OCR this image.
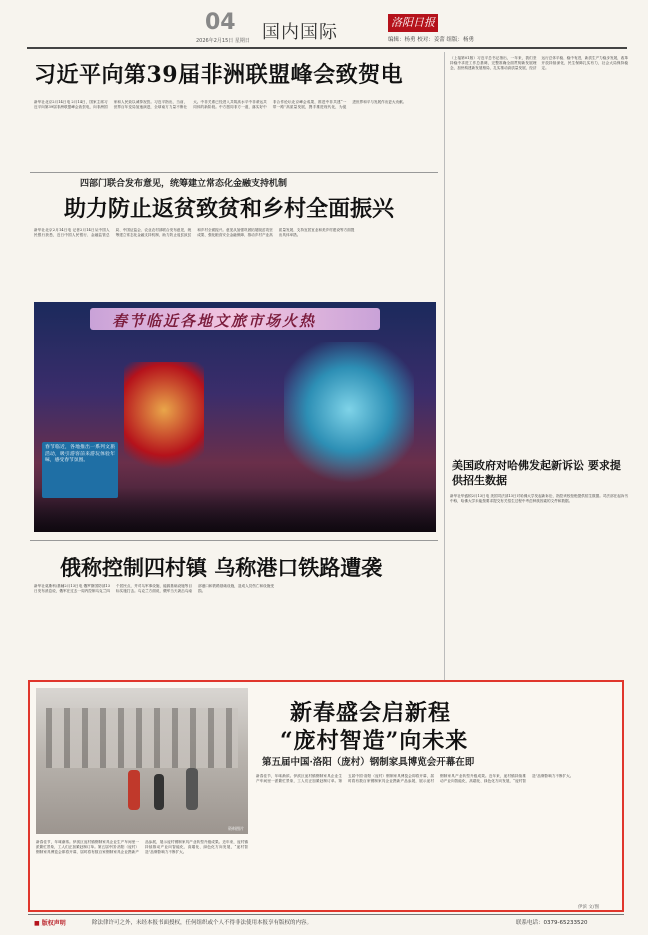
04
2026年2月15日 星期日 国内国际	洛阳日报
编辑：杨勇 校对：姜蕾 组版：杨勇
习近平向第39届非洲联盟峰会致贺电
新华社北京2月14日电 2月14日，国家主席习近平向第39届非洲联盟峰会致贺电，向非洲国家和人民致以诚挚祝贺。习近平指出，当前，世界百年变局加速演进，全球南方力量不断壮大。中非关系已经进入共筑高水平中非命运共同体的新阶段。中方愿同非方一道，落实好中非合作论坛北京峰会成果，推进中非共建“一带一路”高质量发展，携手推进现代化，为促进世界和平与发展作出更大贡献。
四部门联合发布意见，统筹建立常态化金融支持机制
助力防止返贫致贫和乡村全面振兴
新华社北京2月14日电 记者2月14日从中国人民银行获悉，近日中国人民银行、金融监管总局、中国证监会、农业农村部联合发布意见，统筹建立常态化金融支持机制，助力防止返贫致贫和乡村全面振兴。意见从加强巩固拓展脱贫攻坚成果、强化粮食安全金融保障、推动乡村产业高质量发展、支持宜居宜业和美乡村建设等方面提出具体举措。
春节临近各地文旅市场火热
春节临近，各地推出一系列文旅活动，吸引游客前来游玩体验年味，感受春节氛围。
俄称控制四村镇 乌称港口铁路遭袭
新华社莫斯科/基辅2月13日电 俄罗斯国防部13日发布消息说，俄军在过去一周内控制乌克兰四个居民点，并对乌军事设施、能源基础设施等目标实施打击。乌克兰方面说，俄军当天袭击乌南部港口和铁路基础设施，造成人员伤亡和设施受损。
（上接第01版）习近平总书记指出，一年来，我们坚持稳中求进工作总基调，完整准确全面贯彻新发展理念，加快构建新发展格局，扎实推动高质量发展，经济运行总体平稳、稳中有进，新质生产力稳步发展，改革开放持续深化，民生保障扎实有力，社会大局保持稳定。
美国政府对哈佛发起新诉讼 要求提供招生数据
新华社华盛顿2月13日电 美国司法部13日对哈佛大学发起新诉讼，指控该校拒绝提供招生数据。司法部在起诉书中称，哈佛大学未能按要求提交有关招生过程中考虑种族因素的文件和数据。
资料图片
新春盛会启新程
“庞村智造”向未来
第五届中国·洛阳（庞村）钢制家具博览会开幕在即
新春佳节，年味渐浓。伊滨区庞村镇钢制家具企业生产车间里一派繁忙景象，工人们正加紧赶制订单。第五届中国·洛阳（庞村）钢制家具博览会即将开幕，届时将有数百家钢制家具企业携新产品参展，展示庞村钢制家具产业转型升级成果。近年来，庞村镇持续推动产业向智能化、高端化、绿色化方向发展，“庞村智造”品牌影响力不断扩大。
新春佳节，年味渐浓。伊滨区庞村镇钢制家具企业生产车间里一派繁忙景象，工人们正加紧赶制订单。第五届中国·洛阳（庞村）钢制家具博览会即将开幕，届时将有数百家钢制家具企业携新产品参展，展示庞村钢制家具产业转型升级成果。近年来，庞村镇持续推动产业向智能化、高端化、绿色化方向发展，“庞村智造”品牌影响力不断扩大。
伊滨 文/图
■ 版权声明	除法律许可之外，未经本报书面授权，任何组织或个人不得非法使用本报享有版权的内容。	联系电话：0379-65233520
